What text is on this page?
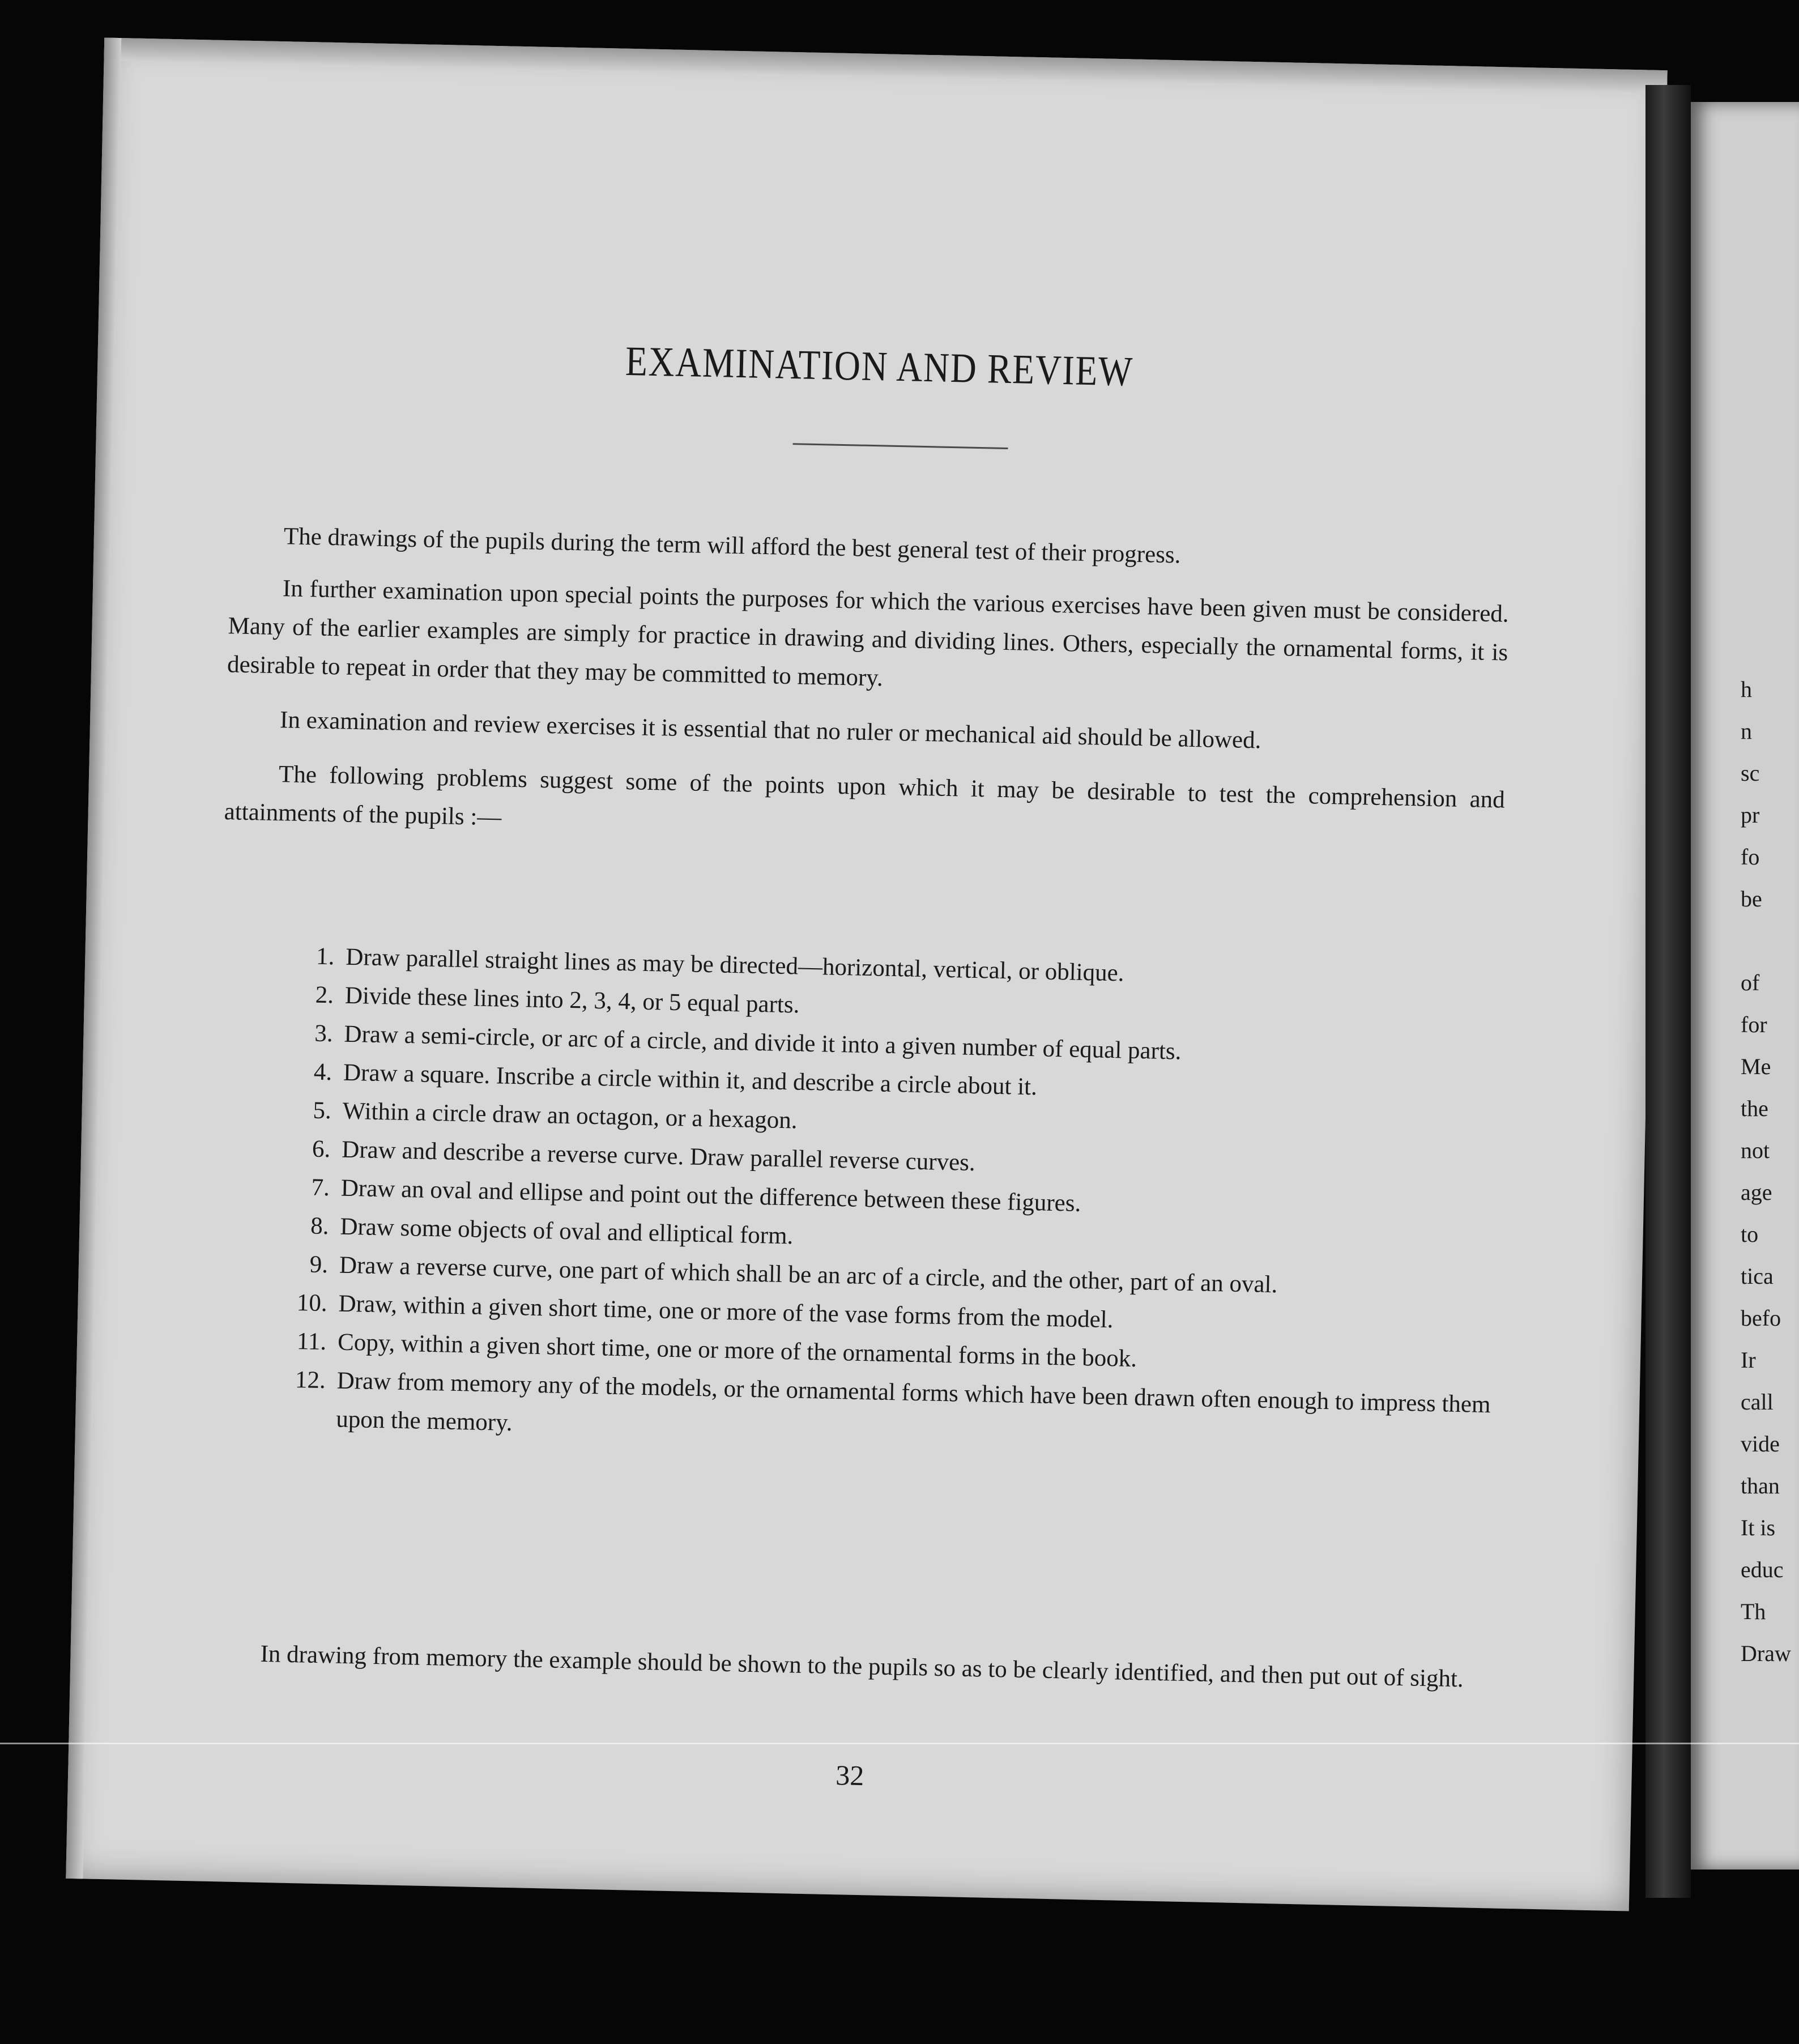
EXAMINATION AND REVIEW

The drawings of the pupils during the term will afford the best general test of their progress.

In further examination upon special points the purposes for which the various exercises have been given must be considered. Many of the earlier examples are simply for practice in drawing and dividing lines. Others, especially the ornamental forms, it is desirable to repeat in order that they may be committed to memory.

In examination and review exercises it is essential that no ruler or mechanical aid should be allowed.

The following problems suggest some of the points upon which it may be desirable to test the comprehension and attainments of the pupils :—

1. Draw parallel straight lines as may be directed—horizontal, vertical, or oblique.
2. Divide these lines into 2, 3, 4, or 5 equal parts.
3. Draw a semi-circle, or arc of a circle, and divide it into a given number of equal parts.
4. Draw a square. Inscribe a circle within it, and describe a circle about it.
5. Within a circle draw an octagon, or a hexagon.
6. Draw and describe a reverse curve. Draw parallel reverse curves.
7. Draw an oval and ellipse and point out the difference between these figures.
8. Draw some objects of oval and elliptical form.
9. Draw a reverse curve, one part of which shall be an arc of a circle, and the other, part of an oval.
10. Draw, within a given short time, one or more of the vase forms from the model.
11. Copy, within a given short time, one or more of the ornamental forms in the book.
12. Draw from memory any of the models, or the ornamental forms which have been drawn often enough to impress them upon the memory.

In drawing from memory the example should be shown to the pupils so as to be clearly identified, and then put out of sight.

32
h
n
sc
pr
fo
be

of
for
Me
the
not
age
to
tica
befo
Ir
call
vide
than
It is
educ
Th
Draw
